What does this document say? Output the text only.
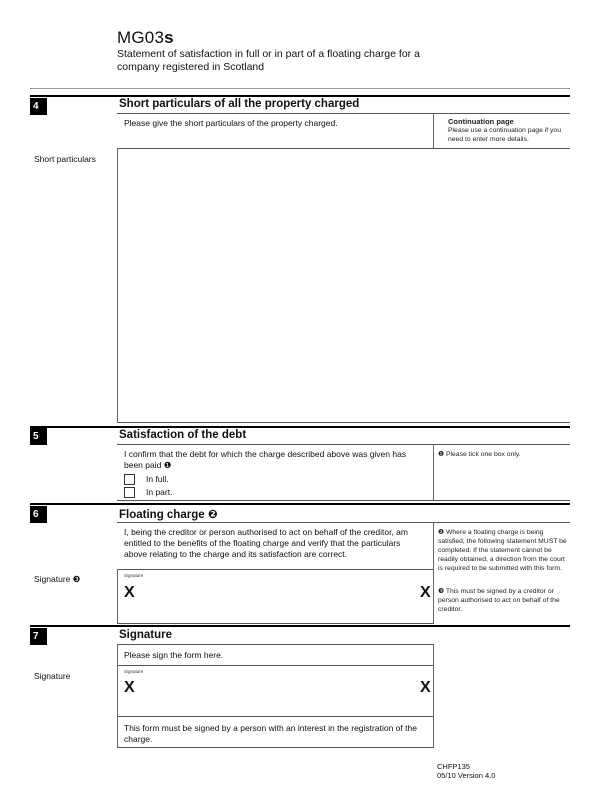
MG03s
Statement of satisfaction in full or in part of a floating charge for a company registered in Scotland
4	Short particulars of all the property charged
Please give the short particulars of the property charged.	Continuation page
Please use a continuation page if you need to enter more details.
Short particulars
5	Satisfaction of the debt
I confirm that the debt for which the charge described above was given has been paid ❶
In full.
In part.
❶ Please tick one box only.
6	Floating charge ❷
I, being the creditor or person authorised to act on behalf of the creditor, am entitled to the benefits of the floating charge and verify that the particulars above relating to the charge and its satisfaction are correct.
Signature ❸	Signature
X	X
❷ Where a floating charge is being satisfied, the following statement MUST be completed. If the statement cannot be readily obtained, a direction from the court is required to be submitted with this form.
❸ This must be signed by a creditor or person authorised to act on behalf of the creditor.
7	Signature
Please sign the form here.
Signature	Signature
X	X
This form must be signed by a person with an interest in the registration of the charge.
CHFP135
05/10 Version 4.0
